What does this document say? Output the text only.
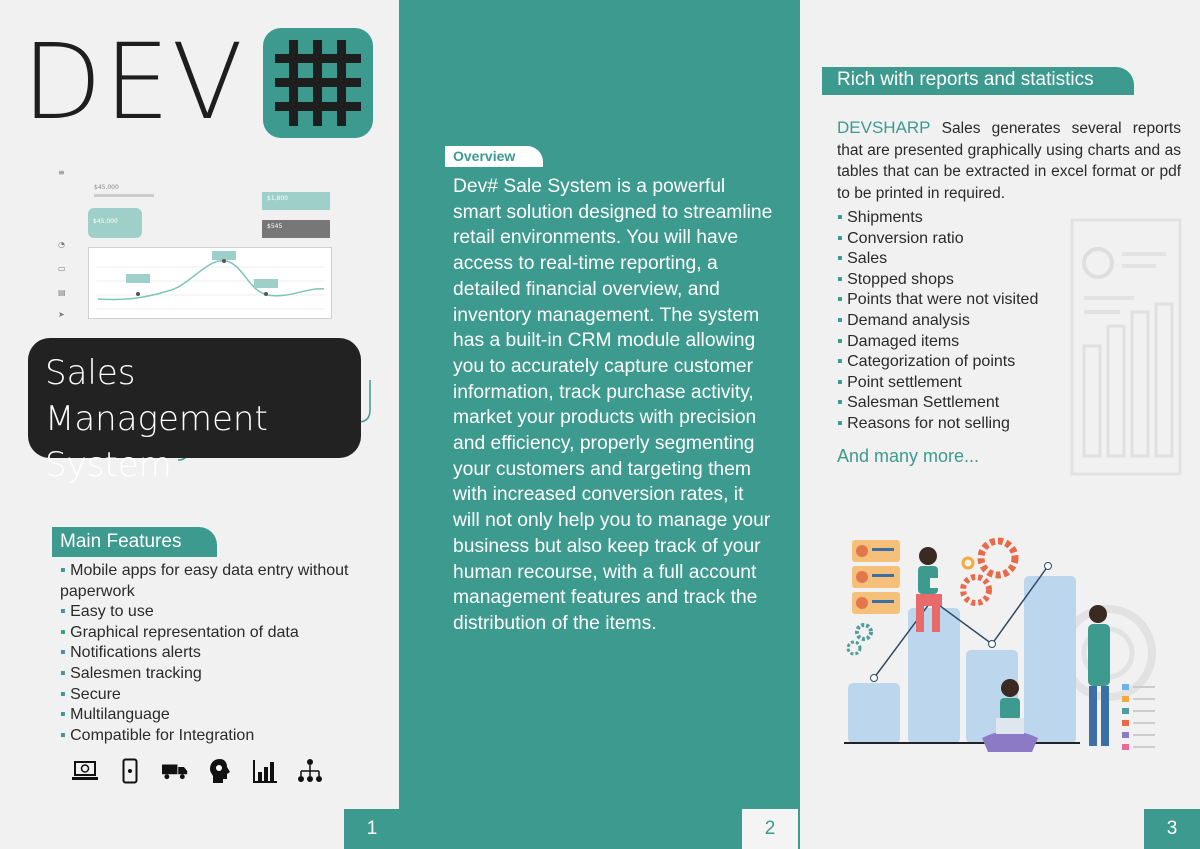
DEV
≡
◔
▭
▤
➤
$45,000
$45,000
$1,800
$545
Sales Management System
Main Features
▪ Mobile apps for easy data entry without paperwork
▪ Easy to use
▪ Graphical representation of data
▪ Notifications alerts
▪ Salesmen tracking
▪ Secure
▪ Multilanguage
▪ Compatible for Integration
1
Overview
Dev# Sale System is a powerful smart solution designed to streamline retail environments. You will have access to real-time reporting, a detailed financial overview, and inventory management. The system has a built-in CRM module allowing you to accurately capture customer information, track purchase activity, market your products with precision and efficiency, properly segmenting your customers and targeting them with increased conversion rates, it will not only help you to manage your business but also keep track of your human recourse, with a full account management features and track the distribution of the items.
2
Rich with reports and statistics
DEVSHARP Sales generates several reports that are presented graphically using charts and as tables that can be extracted in excel format or pdf to be printed in required.
▪ Shipments
▪ Conversion ratio
▪ Sales
▪ Stopped shops
▪ Points that were not visited
▪ Demand analysis
▪ Damaged items
▪ Categorization of points
▪ Point settlement
▪ Salesman Settlement
▪ Reasons for not selling
And many more...
3
